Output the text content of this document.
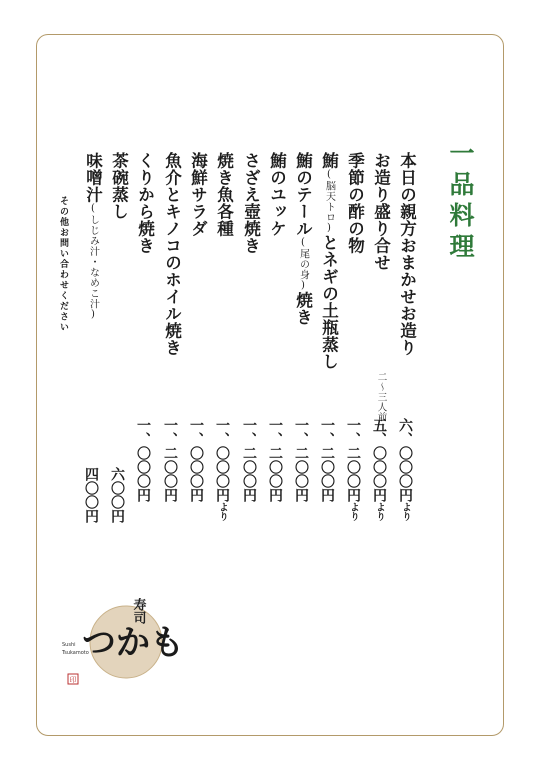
一品料理
本日の親方おまかせお造り
お造り盛り合せ
季節の酢の物
鮪(脳天トロ)とネギの土瓶蒸し
鮪のテール(尾の身)焼き
鮪のユッケ
さざえ壺焼き
焼き魚各種
海鮮サラダ
魚介とキノコのホイル焼き
くりから焼き
茶碗蒸し
味噌汁(しじみ汁・なめこ汁)
その他お問い合わせください
二〜三人前
六、〇〇〇円より
五、〇〇〇円より
一、二〇〇円より
一、二〇〇円
一、二〇〇円
一、二〇〇円
一、二〇〇円
一、〇〇〇円より
一、〇〇〇円
一、二〇〇円
一、〇〇〇円
六〇〇円
四〇〇円
Sushi
Tsukamoto
寿司
つかも
印
